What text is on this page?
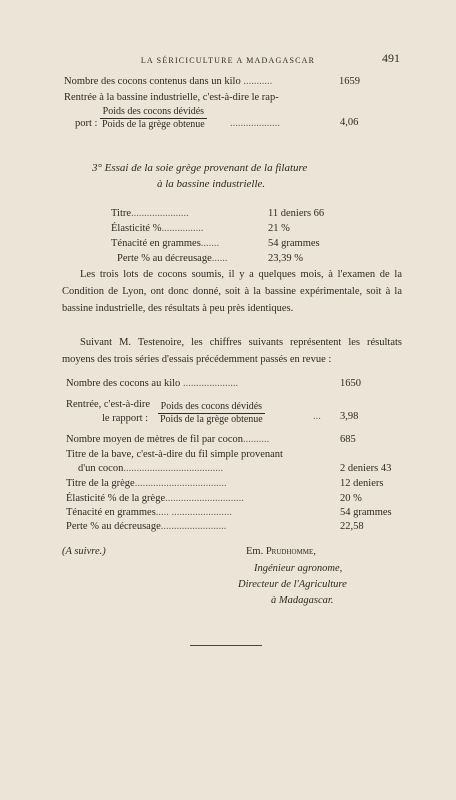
LA SÉRICICULTURE A MADAGASCAR	491
Nombre des cocons contenus dans un kilo ...........	1659
Rentrée à la bassine industrielle, c'est-à-dire le rap-
port : $\frac{\text{Poids des cocons dévidés}}{\text{Poids de la grège obtenue}}$ ...................	4,06
3° Essai de la soie grège provenant de la filature
à la bassine industrielle.
Titre......................	11 deniers 66
Élasticité %................	21 %
Ténacité en grammes.......	54 grammes
Perte % au décreusage......	23,39 %
Les trois lots de cocons soumis, il y a quelques mois, à l'examen de la Condition de Lyon, ont donc donné, soit à la bassine expérimentale, soit à la bassine industrielle, des résultats à peu près identiques.
Suivant M. Testenoire, les chiffres suivants représentent les résultats moyens des trois séries d'essais précédemment passés en revue :
Nombre des cocons au kilo .....................	1650
Rentrée, c'est-à-dire
le rapport : $\frac{\text{Poids des cocons dévidés}}{\text{Poids de la grège obtenue}}$	... 3,98
Nombre moyen de mètres de fil par cocon..........	685
Titre de la bave, c'est-à-dire du fil simple provenant
d'un cocon......................................	2 deniers 43
Titre de la grège...................................	12 deniers
Élasticité % de la grège..............................	20 %
Ténacité en grammes..... .......................	54 grammes
Perte % au décreusage.........................	22,58
(A suivre.)	Em. Prudhomme,
Ingénieur agronome,
Directeur de l'Agriculture
à Madagascar.
